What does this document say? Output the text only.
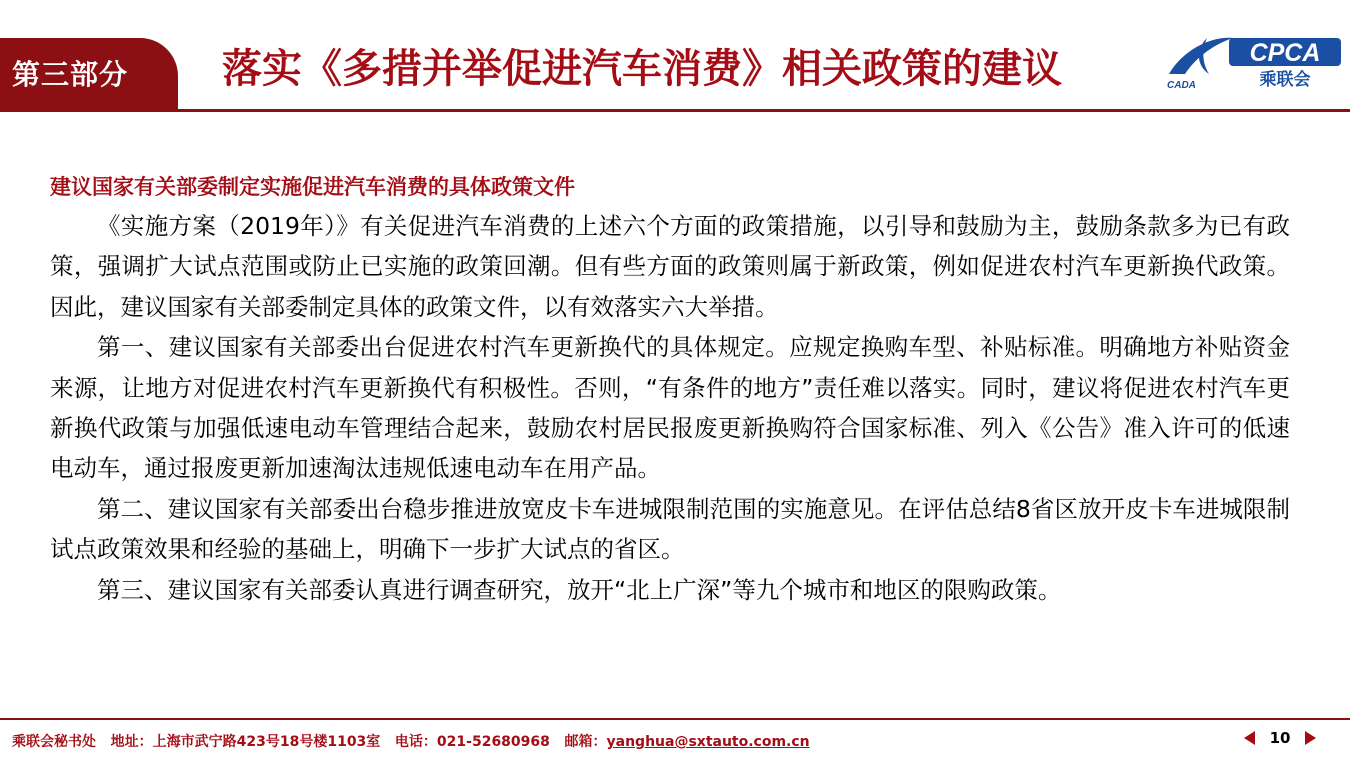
第三部分	落实《多措并举促进汽车消费》相关政策的建议	CADA
CPCA
乘联会

建议国家有关部委制定实施促进汽车消费的具体政策文件

《实施方案（2019年）》有关促进汽车消费的上述六个方面的政策措施，以引导和鼓励为主，鼓励条款多为已有政策，强调扩大试点范围或防止已实施的政策回潮。但有些方面的政策则属于新政策，例如促进农村汽车更新换代政策。因此，建议国家有关部委制定具体的政策文件，以有效落实六大举措。

第一、建议国家有关部委出台促进农村汽车更新换代的具体规定。应规定换购车型、补贴标准。明确地方补贴资金来源，让地方对促进农村汽车更新换代有积极性。否则，“有条件的地方”责任难以落实。同时，建议将促进农村汽车更新换代政策与加强低速电动车管理结合起来，鼓励农村居民报废更新换购符合国家标准、列入《公告》准入许可的低速电动车，通过报废更新加速淘汰违规低速电动车在用产品。

第二、建议国家有关部委出台稳步推进放宽皮卡车进城限制范围的实施意见。在评估总结8省区放开皮卡车进城限制试点政策效果和经验的基础上，明确下一步扩大试点的省区。

第三、建议国家有关部委认真进行调查研究，放开“北上广深”等九个城市和地区的限购政策。

乘联会秘书处 地址：上海市武宁路423号18号楼1103室 电话：021-52680968 邮箱：yanghua@sxtauto.com.cn	10
